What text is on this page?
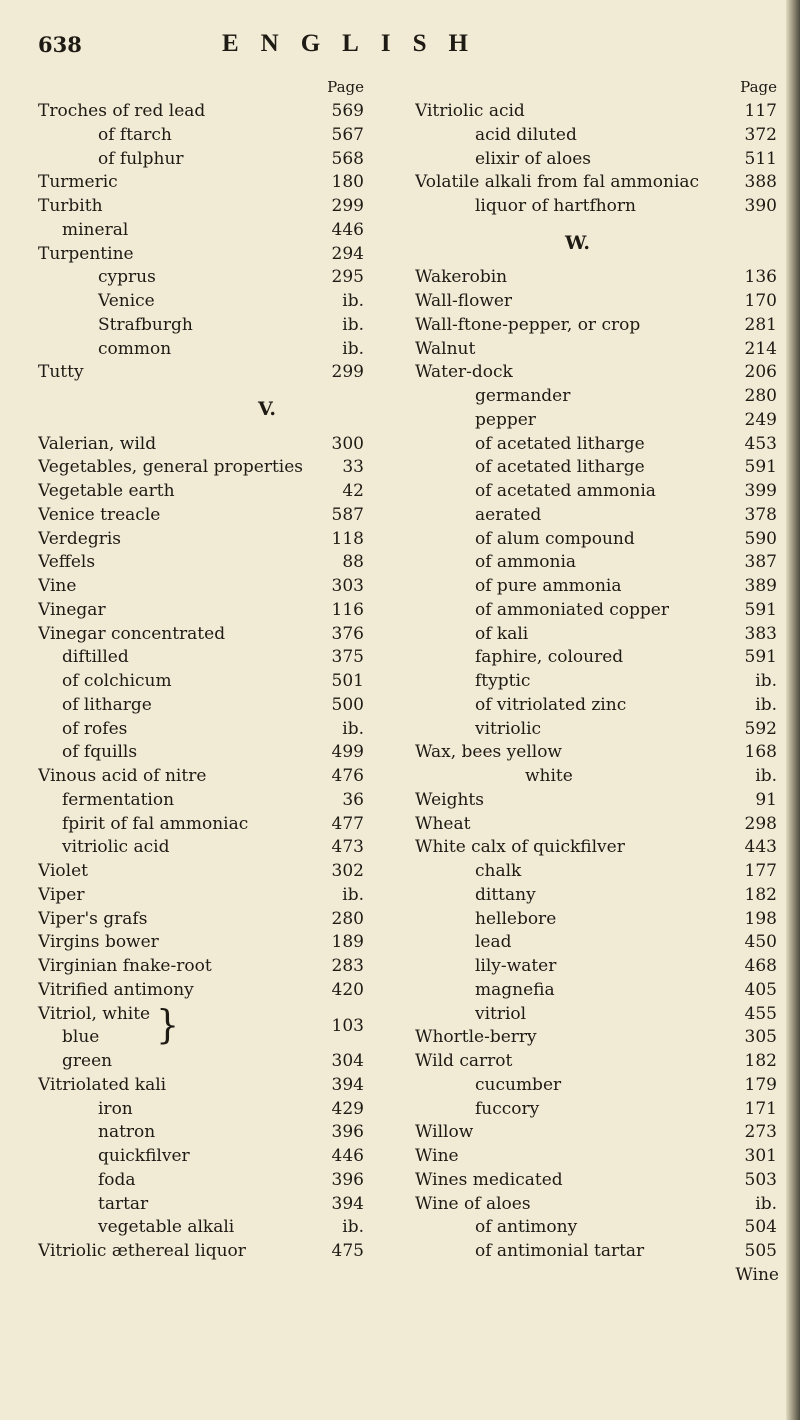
638	ENGLISH
Page
Troches of red lead	569
of ftarch	567
of fulphur	568
Turmeric	180
Turbith	299
mineral	446
Turpentine	294
cyprus	295
Venice	ib.
Strafburgh	ib.
common	ib.
Tutty	299
V.
Valerian, wild	300
Vegetables, general properties	33
Vegetable earth	42
Venice treacle	587
Verdegris	118
Veffels	88
Vine	303
Vinegar	116
Vinegar concentrated	376
diftilled	375
of colchicum	501
of litharge	500
of rofes	ib.
of fquills	499
Vinous acid of nitre	476
fermentation	36
fpirit of fal ammoniac	477
vitriolic acid	473
Violet	302
Viper	ib.
Viper's grafs	280
Virgins bower	189
Virginian fnake-root	283
Vitrified antimony	420
Vitriol, white
blue	}	103
green	304
Vitriolated kali	394
iron	429
natron	396
quickfilver	446
foda	396
tartar	394
vegetable alkali	ib.
Vitriolic æthereal liquor	475
Page
Vitriolic acid	117
acid diluted	372
elixir of aloes	511
Volatile alkali from fal ammoniac	388
liquor of hartfhorn	390
W.
Wakerobin	136
Wall-flower	170
Wall-ftone-pepper, or crop	281
Walnut	214
Water-dock	206
germander	280
pepper	249
of acetated litharge	453
of acetated litharge	591
of acetated ammonia	399
aerated	378
of alum compound	590
of ammonia	387
of pure ammonia	389
of ammoniated copper	591
of kali	383
faphire, coloured	591
ftyptic	ib.
of vitriolated zinc	ib.
vitriolic	592
Wax, bees yellow	168
white	ib.
Weights	91
Wheat	298
White calx of quickfilver	443
chalk	177
dittany	182
hellebore	198
lead	450
lily-water	468
magnefia	405
vitriol	455
Whortle-berry	305
Wild carrot	182
cucumber	179
fuccory	171
Willow	273
Wine	301
Wines medicated	503
Wine of aloes	ib.
of antimony	504
of antimonial tartar	505
Wine
